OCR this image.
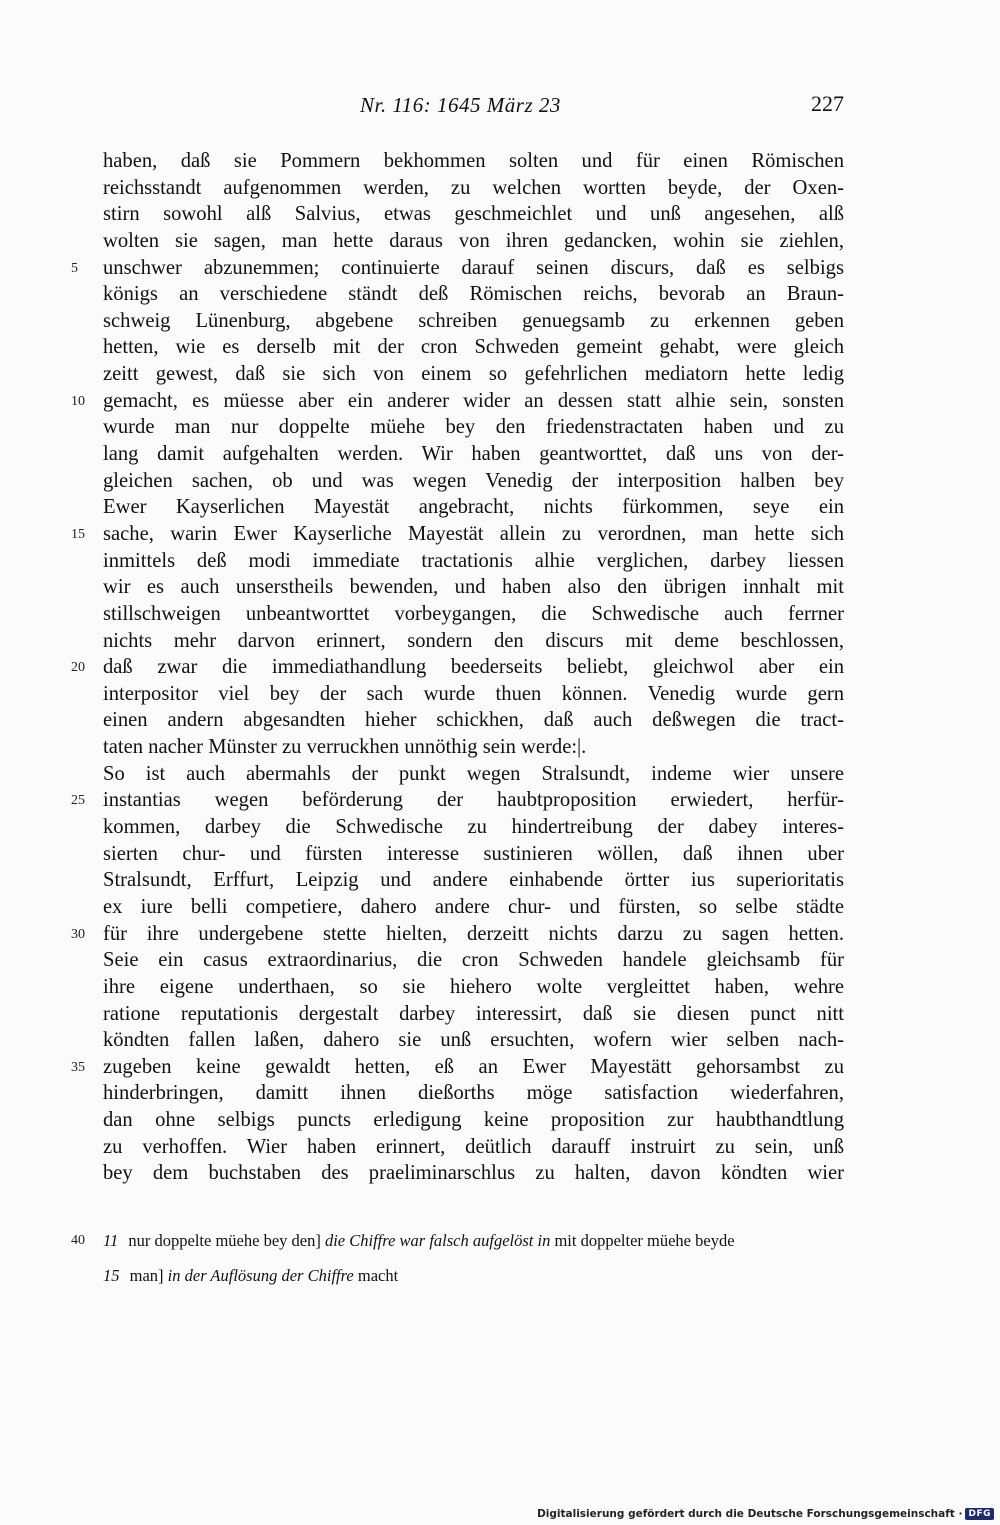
Nr. 116: 1645 März 23	227
haben, daß sie Pommern bekhommen solten und für einen Römischen
reichsstandt aufgenommen werden, zu welchen wortten beyde, der Oxen-
stirn sowohl alß Salvius, etwas geschmeichlet und unß angesehen, alß
wolten sie sagen, man hette daraus von ihren gedancken, wohin sie ziehlen,
5	unschwer abzunemmen; continuierte darauf seinen discurs, daß es selbigs
königs an verschiedene ständt deß Römischen reichs, bevorab an Braun-
schweig Lünenburg, abgebene schreiben genuegsamb zu erkennen geben
hetten, wie es derselb mit der cron Schweden gemeint gehabt, were gleich
zeitt gewest, daß sie sich von einem so gefehrlichen mediatorn hette ledig
10 gemacht, es müesse aber ein anderer wider an dessen statt alhie sein, sonsten
wurde man nur doppelte müehe bey den friedenstractaten haben und zu
lang damit aufgehalten werden. Wir haben geantworttet, daß uns von der-
gleichen sachen, ob und was wegen Venedig der interposition halben bey
Ewer Kayserlichen Mayestät angebracht, nichts fürkommen, seye ein
15 sache, warin Ewer Kayserliche Mayestät allein zu verordnen, man hette sich
inmittels deß modi immediate tractationis alhie verglichen, darbey liessen
wir es auch unserstheils bewenden, und haben also den übrigen innhalt mit
stillschweigen unbeantworttet vorbeygangen, die Schwedische auch ferrner
nichts mehr darvon erinnert, sondern den discurs mit deme beschlossen,
20 daß zwar die immediathandlung beederseits beliebt, gleichwol aber ein
interpositor viel bey der sach wurde thuen können. Venedig wurde gern
einen andern abgesandten hieher schickhen, daß auch deßwegen die tract-
taten nacher Münster zu verruckhen unnöthig sein werde:|.
So ist auch abermahls der punkt wegen Stralsundt, indeme wier unsere
25 instantias wegen beförderung der haubtproposition erwiedert, herfür-
kommen, darbey die Schwedische zu hindertreibung der dabey interes-
sierten chur- und fürsten interesse sustinieren wöllen, daß ihnen uber
Stralsundt, Erffurt, Leipzig und andere einhabende örtter ius superioritatis
ex iure belli competiere, dahero andere chur- und fürsten, so selbe städte
30 für ihre undergebene stette hielten, derzeitt nichts darzu zu sagen hetten.
Seie ein casus extraordinarius, die cron Schweden handele gleichsamb für
ihre eigene underthaen, so sie hiehero wolte vergleittet haben, wehre
ratione reputationis dergestalt darbey interessirt, daß sie diesen punct nitt
köndten fallen laßen, dahero sie unß ersuchten, wofern wier selben nach-
35 zugeben keine gewaldt hetten, eß an Ewer Mayestätt gehorsambst zu
hinderbringen, damitt ihnen dießorths möge satisfaction wiederfahren,
dan ohne selbigs puncts erledigung keine proposition zur haubthandtlung
zu verhoffen. Wier haben erinnert, deütlich darauff instruirt zu sein, unß
bey dem buchstaben des praeliminarschlus zu halten, davon köndten wier
40	11 nur doppelte müehe bey den] die Chiffre war falsch aufgelöst in mit doppelter müehe beyde
15 man] in der Auflösung der Chiffre macht
Digitalisierung gefördert durch die Deutsche Forschungsgemeinschaft · DFG
